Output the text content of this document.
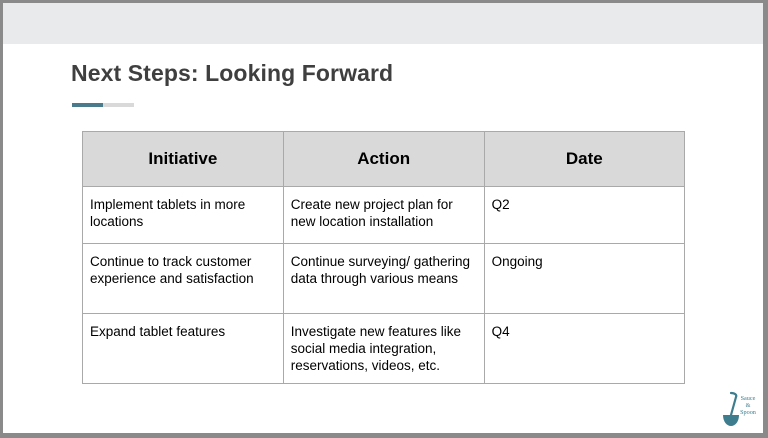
Next Steps: Looking Forward
Initiative	Action	Date
Implement tablets in more locations	Create new project plan for new location installation	Q2
Continue to track customer experience and satisfaction	Continue surveying/ gathering data through various means	Ongoing
Expand tablet features	Investigate new features like social media integration, reservations, videos, etc.	Q4
Sauce
&
Spoon
